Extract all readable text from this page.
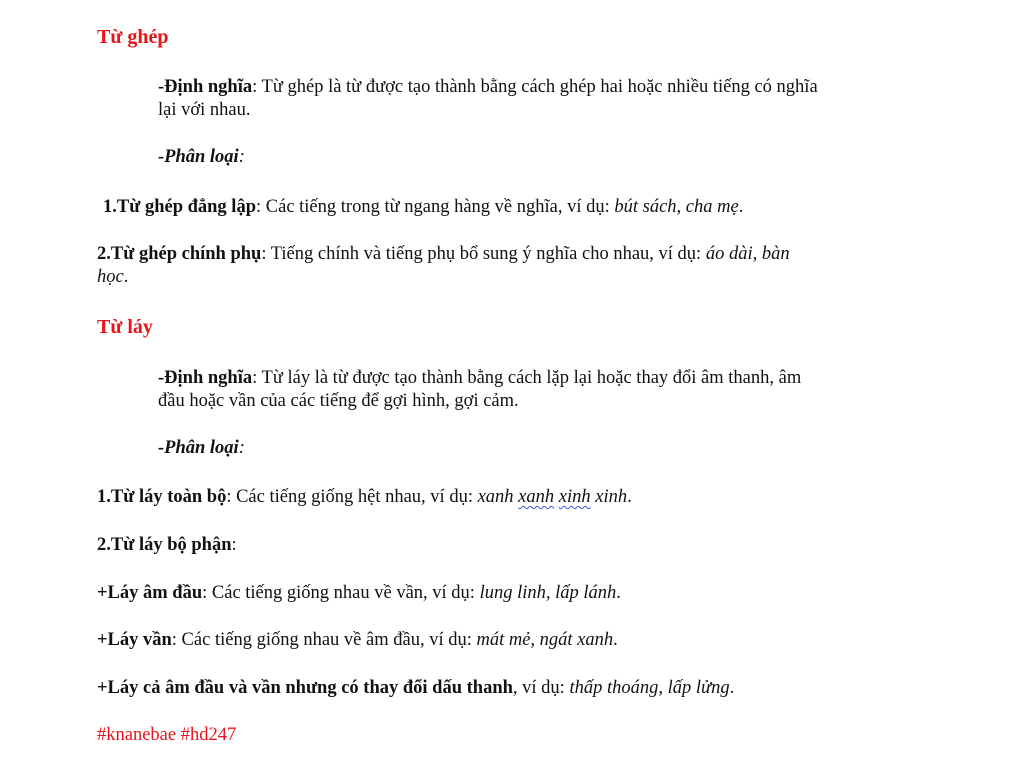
Từ ghép
-Định nghĩa: Từ ghép là từ được tạo thành bằng cách ghép hai hoặc nhiều tiếng có nghĩa
lại với nhau.
-Phân loại:
1.Từ ghép đẳng lập: Các tiếng trong từ ngang hàng về nghĩa, ví dụ: bút sách, cha mẹ.
2.Từ ghép chính phụ: Tiếng chính và tiếng phụ bổ sung ý nghĩa cho nhau, ví dụ: áo dài, bàn
học.
Từ láy
-Định nghĩa: Từ láy là từ được tạo thành bằng cách lặp lại hoặc thay đổi âm thanh, âm
đầu hoặc vần của các tiếng để gợi hình, gợi cảm.
-Phân loại:
1.Từ láy toàn bộ: Các tiếng giống hệt nhau, ví dụ: xanh xanh xinh xinh.
2.Từ láy bộ phận:
+Láy âm đầu: Các tiếng giống nhau về vần, ví dụ: lung linh, lấp lánh.
+Láy vần: Các tiếng giống nhau về âm đầu, ví dụ: mát mẻ, ngát xanh.
+Láy cả âm đầu và vần nhưng có thay đổi dấu thanh, ví dụ: thấp thoáng, lấp lửng.
#knanebae #hd247
